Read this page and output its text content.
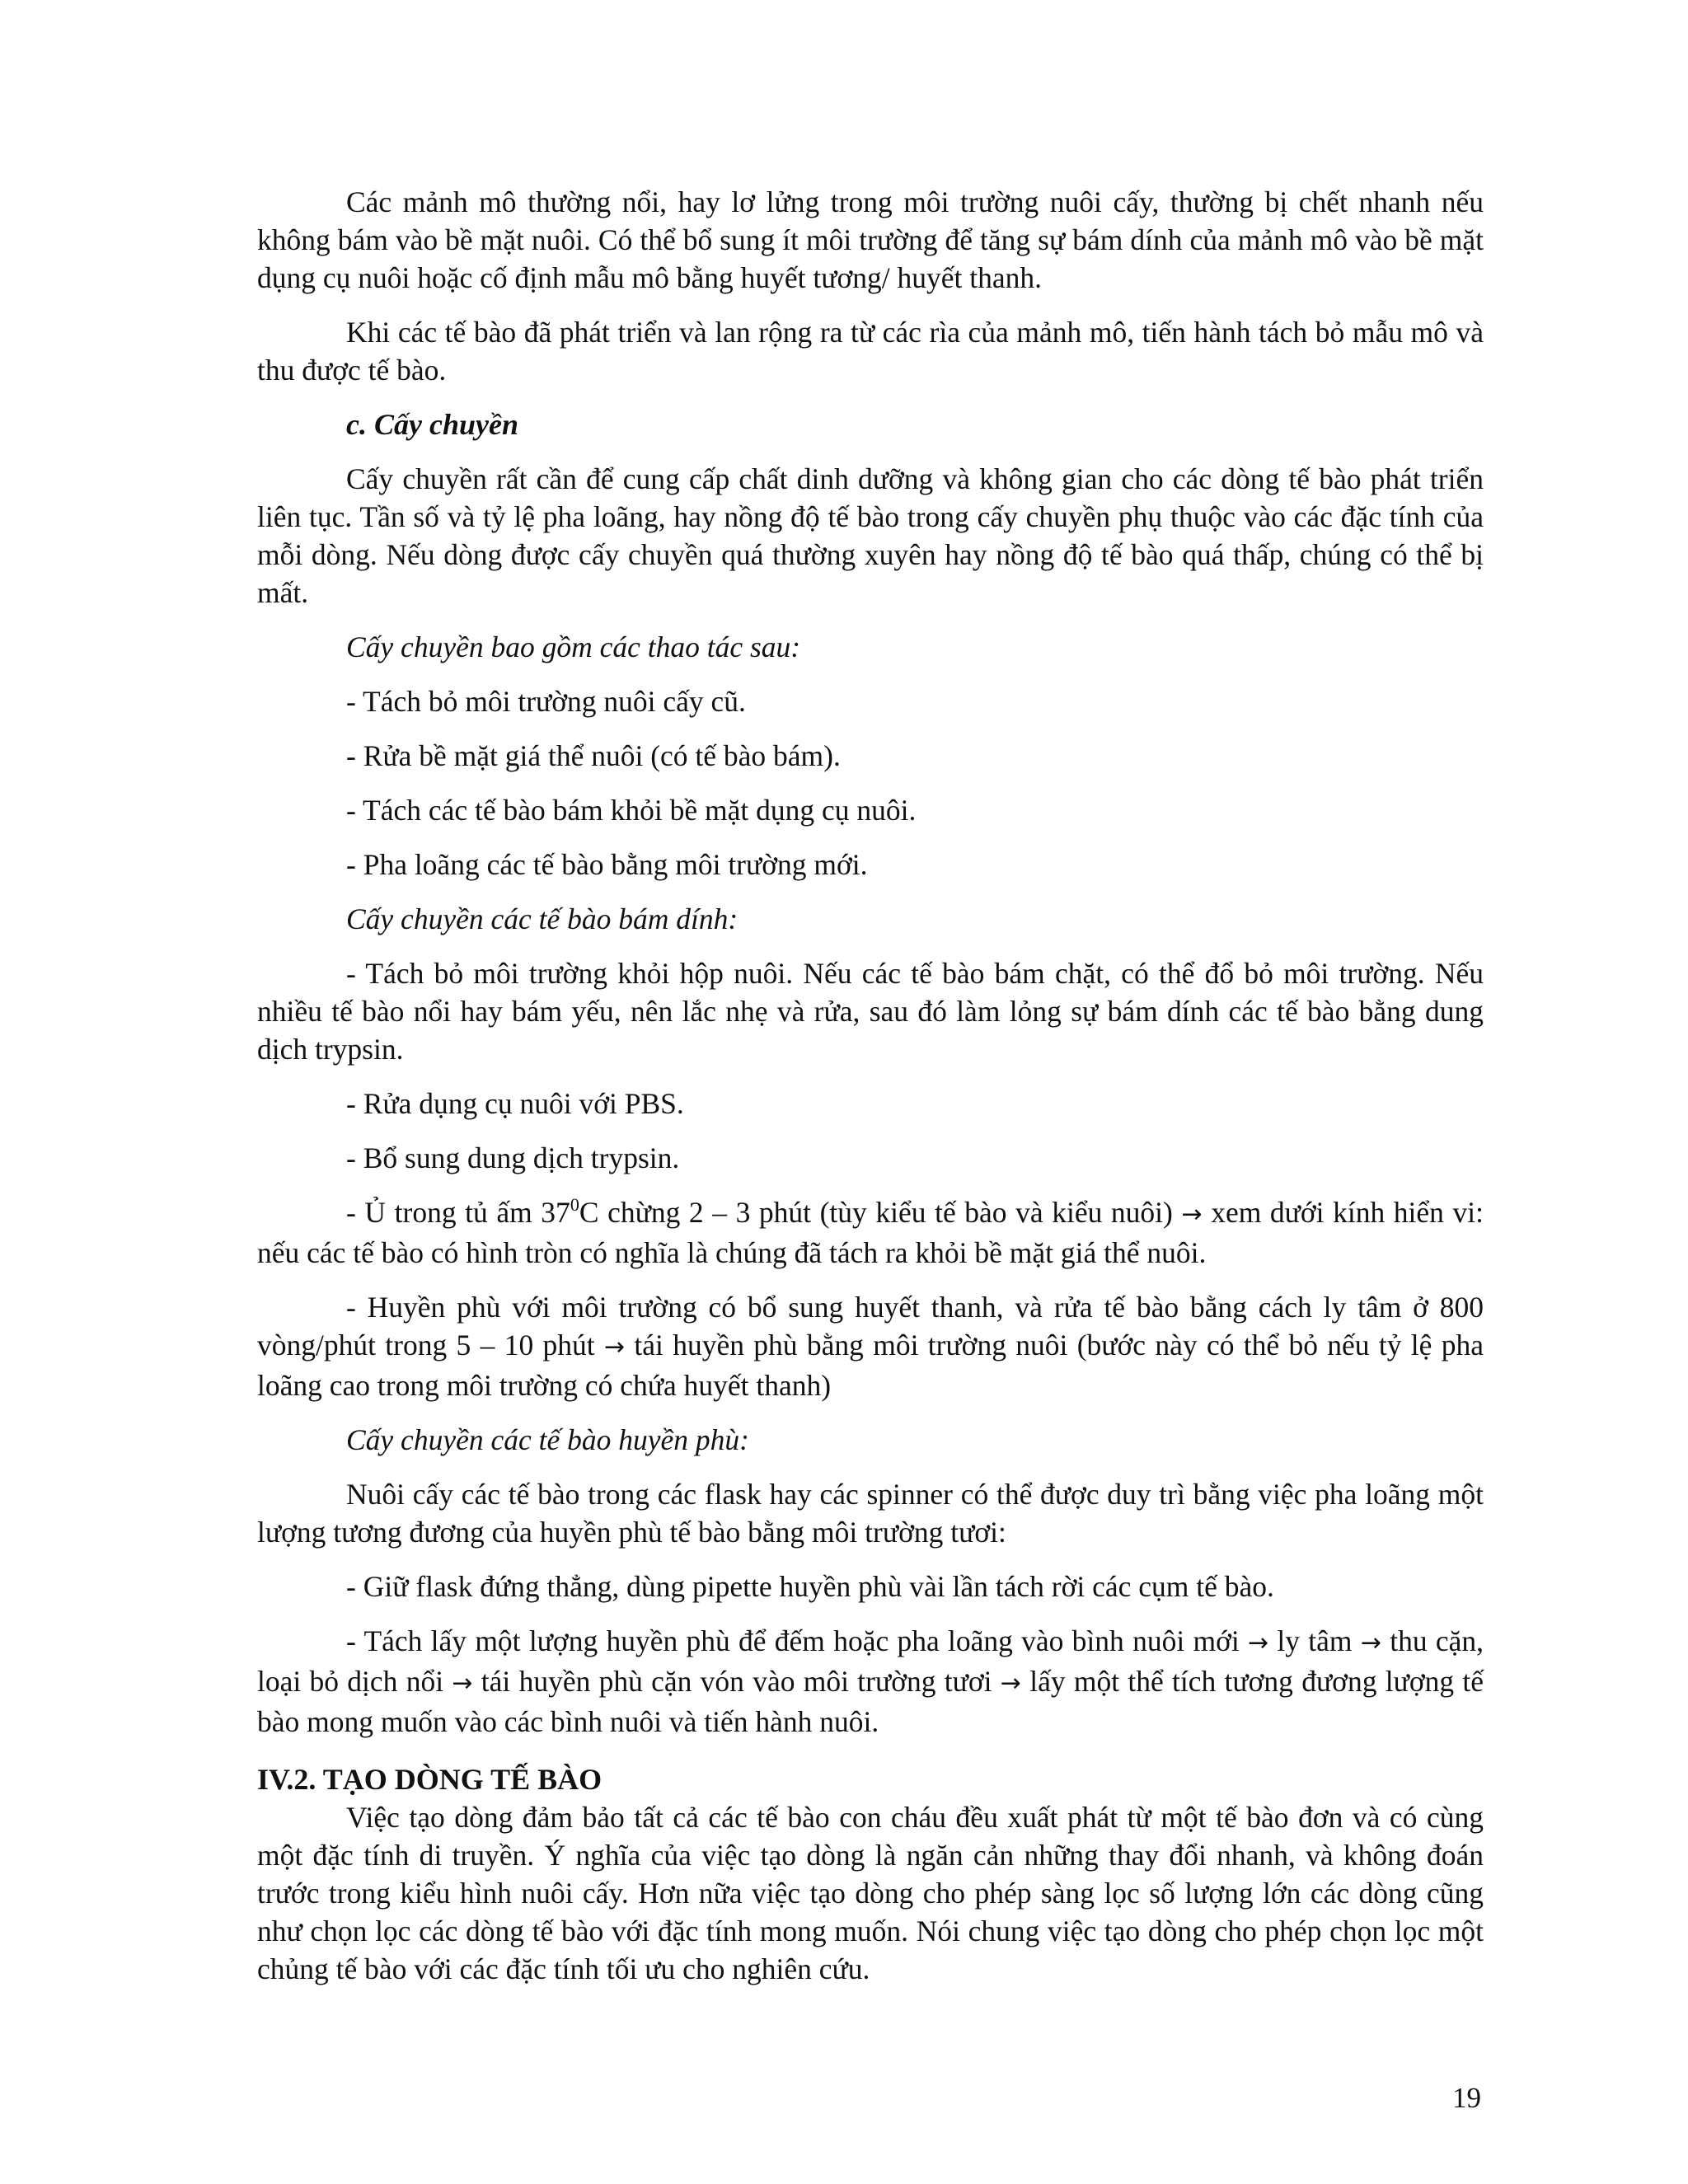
Các mảnh mô thường nổi, hay lơ lửng trong môi trường nuôi cấy, thường bị chết nhanh nếu không bám vào bề mặt nuôi. Có thể bổ sung ít môi trường để tăng sự bám dính của mảnh mô vào bề mặt dụng cụ nuôi hoặc cố định mẫu mô bằng huyết tương/ huyết thanh.

Khi các tế bào đã phát triển và lan rộng ra từ các rìa của mảnh mô, tiến hành tách bỏ mẫu mô và thu được tế bào.

c. Cấy chuyền

Cấy chuyền rất cần để cung cấp chất dinh dưỡng và không gian cho các dòng tế bào phát triển liên tục. Tần số và tỷ lệ pha loãng, hay nồng độ tế bào trong cấy chuyền phụ thuộc vào các đặc tính của mỗi dòng. Nếu dòng được cấy chuyền quá thường xuyên hay nồng độ tế bào quá thấp, chúng có thể bị mất.

Cấy chuyền bao gồm các thao tác sau:

- Tách bỏ môi trường nuôi cấy cũ.

- Rửa bề mặt giá thể nuôi (có tế bào bám).

- Tách các tế bào bám khỏi bề mặt dụng cụ nuôi.

- Pha loãng các tế bào bằng môi trường mới.

Cấy chuyền các tế bào bám dính:

- Tách bỏ môi trường khỏi hộp nuôi. Nếu các tế bào bám chặt, có thể đổ bỏ môi trường. Nếu nhiều tế bào nổi hay bám yếu, nên lắc nhẹ và rửa, sau đó làm lỏng sự bám dính các tế bào bằng dung dịch trypsin.

- Rửa dụng cụ nuôi với PBS.

- Bổ sung dung dịch trypsin.

- Ủ trong tủ ấm $37^0C$ chừng 2 – 3 phút (tùy kiểu tế bào và kiểu nuôi) → xem dưới kính hiển vi: nếu các tế bào có hình tròn có nghĩa là chúng đã tách ra khỏi bề mặt giá thể nuôi.

- Huyền phù với môi trường có bổ sung huyết thanh, và rửa tế bào bằng cách ly tâm ở 800 vòng/phút trong 5 – 10 phút → tái huyền phù bằng môi trường nuôi (bước này có thể bỏ nếu tỷ lệ pha loãng cao trong môi trường có chứa huyết thanh)

Cấy chuyền các tế bào huyền phù:

Nuôi cấy các tế bào trong các flask hay các spinner có thể được duy trì bằng việc pha loãng một lượng tương đương của huyền phù tế bào bằng môi trường tươi:

- Giữ flask đứng thẳng, dùng pipette huyền phù vài lần tách rời các cụm tế bào.

- Tách lấy một lượng huyền phù để đếm hoặc pha loãng vào bình nuôi mới → ly tâm → thu cặn, loại bỏ dịch nổi → tái huyền phù cặn vón vào môi trường tươi → lấy một thể tích tương đương lượng tế bào mong muốn vào các bình nuôi và tiến hành nuôi.

IV.2. TẠO DÒNG TẾ BÀO

Việc tạo dòng đảm bảo tất cả các tế bào con cháu đều xuất phát từ một tế bào đơn và có cùng một đặc tính di truyền. Ý nghĩa của việc tạo dòng là ngăn cản những thay đổi nhanh, và không đoán trước trong kiểu hình nuôi cấy. Hơn nữa việc tạo dòng cho phép sàng lọc số lượng lớn các dòng cũng như chọn lọc các dòng tế bào với đặc tính mong muốn. Nói chung việc tạo dòng cho phép chọn lọc một chủng tế bào với các đặc tính tối ưu cho nghiên cứu.

19
